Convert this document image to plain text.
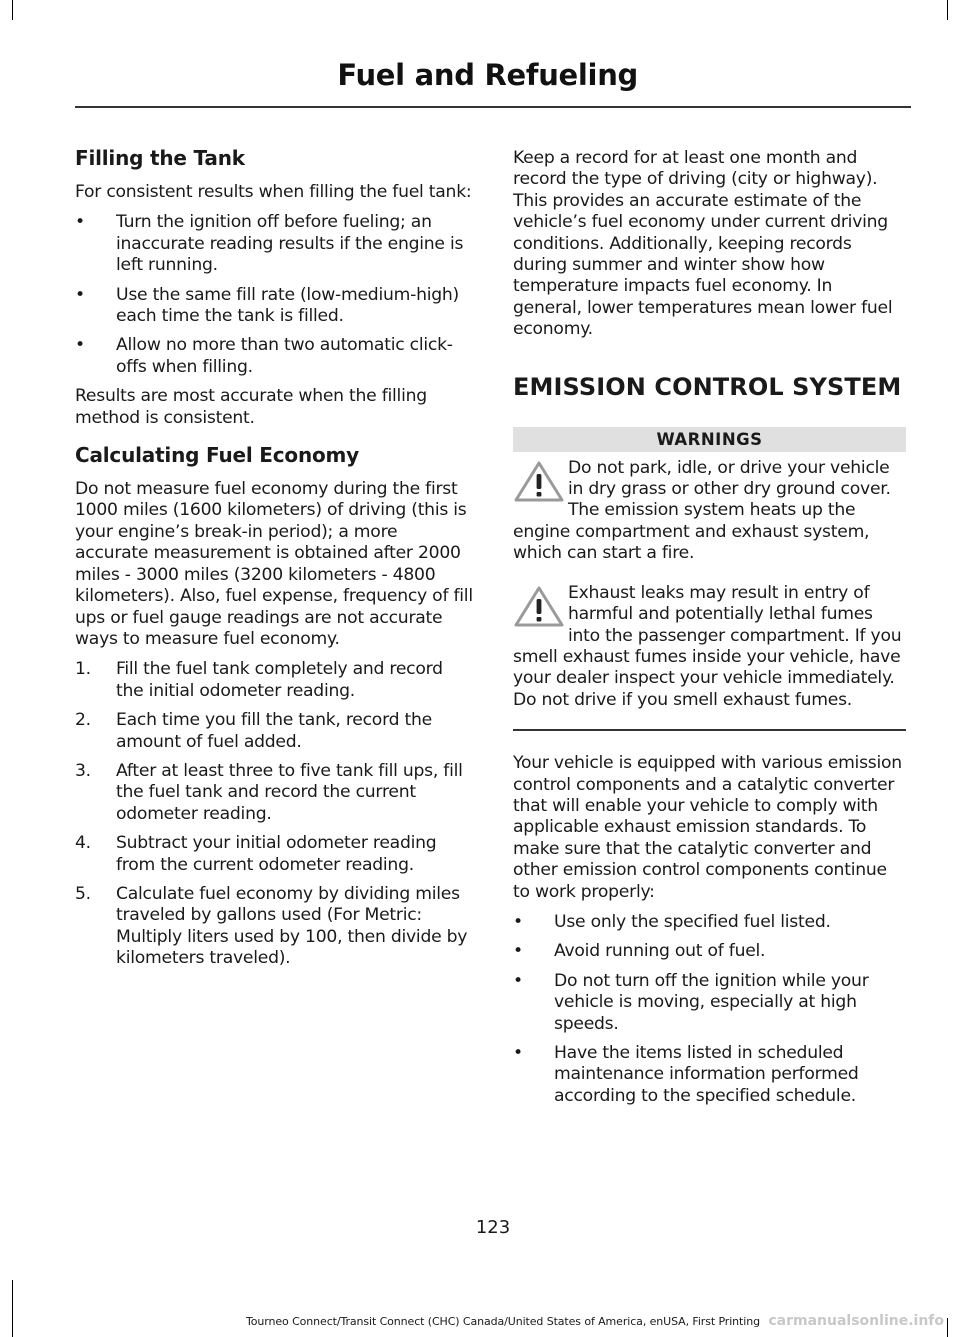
Fuel and Refueling
Filling the Tank

For consistent results when filling the fuel tank:

• Turn the ignition off before fueling; an inaccurate reading results if the engine is left running.
• Use the same fill rate (low-medium-high) each time the tank is filled.
• Allow no more than two automatic click-offs when filling.

Results are most accurate when the filling method is consistent.

Calculating Fuel Economy

Do not measure fuel economy during the first 1000 miles (1600 kilometers) of driving (this is your engine’s break-in period); a more accurate measurement is obtained after 2000 miles - 3000 miles (3200 kilometers - 4800 kilometers). Also, fuel expense, frequency of fill ups or fuel gauge readings are not accurate ways to measure fuel economy.

1. Fill the fuel tank completely and record the initial odometer reading.
2. Each time you fill the tank, record the amount of fuel added.
3. After at least three to five tank fill ups, fill the fuel tank and record the current odometer reading.
4. Subtract your initial odometer reading from the current odometer reading.
5. Calculate fuel economy by dividing miles traveled by gallons used (For Metric: Multiply liters used by 100, then divide by kilometers traveled).

Keep a record for at least one month and record the type of driving (city or highway). This provides an accurate estimate of the vehicle’s fuel economy under current driving conditions. Additionally, keeping records during summer and winter show how temperature impacts fuel economy. In general, lower temperatures mean lower fuel economy.

EMISSION CONTROL SYSTEM
WARNINGS

Do not park, idle, or drive your vehicle in dry grass or other dry ground cover. The emission system heats up the engine compartment and exhaust system, which can start a fire.

Exhaust leaks may result in entry of harmful and potentially lethal fumes into the passenger compartment. If you smell exhaust fumes inside your vehicle, have your dealer inspect your vehicle immediately. Do not drive if you smell exhaust fumes.

Your vehicle is equipped with various emission control components and a catalytic converter that will enable your vehicle to comply with applicable exhaust emission standards. To make sure that the catalytic converter and other emission control components continue to work properly:

• Use only the specified fuel listed.
• Avoid running out of fuel.
• Do not turn off the ignition while your vehicle is moving, especially at high speeds.
• Have the items listed in scheduled maintenance information performed according to the specified schedule.
123
Tourneo Connect/Transit Connect (CHC) Canada/United States of America, enUSA, First Printing carmanualsonline.info
